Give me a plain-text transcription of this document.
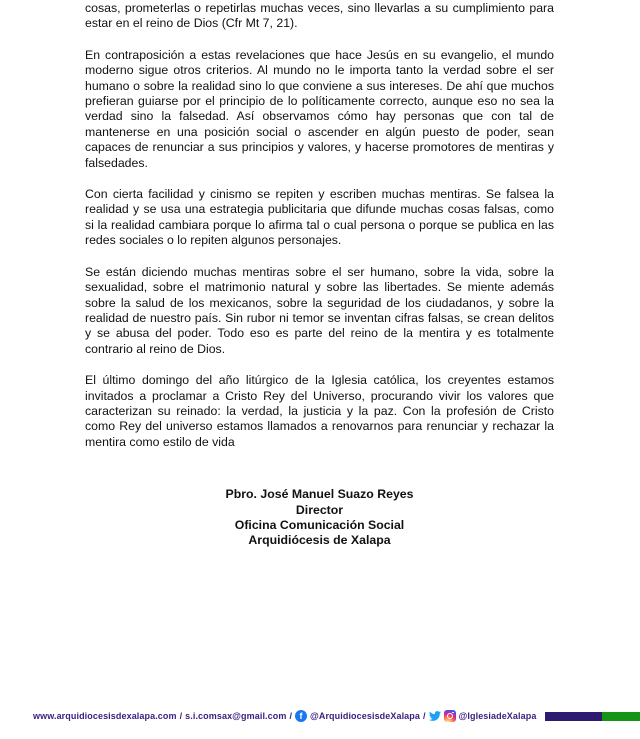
cosas, prometerlas o repetirlas muchas veces, sino llevarlas a su cumplimiento para estar en el reino de Dios (Cfr Mt 7, 21).

En contraposición a estas revelaciones que hace Jesús en su evangelio, el mundo moderno sigue otros criterios. Al mundo no le importa tanto la verdad sobre el ser humano o sobre la realidad sino lo que conviene a sus intereses. De ahí que muchos prefieran guiarse por el principio de lo políticamente correcto, aunque eso no sea la verdad sino la falsedad. Así observamos cómo hay personas que con tal de mantenerse en una posición social o ascender en algún puesto de poder, sean capaces de renunciar a sus principios y valores, y hacerse promotores de mentiras y falsedades.

Con cierta facilidad y cinismo se repiten y escriben muchas mentiras. Se falsea la realidad y se usa una estrategia publicitaria que difunde muchas cosas falsas, como si la realidad cambiara porque lo afirma tal o cual persona o porque se publica en las redes sociales o lo repiten algunos personajes.

Se están diciendo muchas mentiras sobre el ser humano, sobre la vida, sobre la sexualidad, sobre el matrimonio natural y sobre las libertades. Se miente además sobre la salud de los mexicanos, sobre la seguridad de los ciudadanos, y sobre la realidad de nuestro país. Sin rubor ni temor se inventan cifras falsas, se crean delitos y se abusa del poder. Todo eso es parte del reino de la mentira y es totalmente contrario al reino de Dios.

El último domingo del año litúrgico de la Iglesia católica, los creyentes estamos invitados a proclamar a Cristo Rey del Universo, procurando vivir los valores que caracterizan su reinado: la verdad, la justicia y la paz. Con la profesión de Cristo como Rey del universo estamos llamados a renovarnos para renunciar y rechazar la mentira como estilo de vida

Pbro. José Manuel Suazo Reyes
Director
Oficina Comunicación Social
Arquidiócesis de Xalapa
www.arquidiocesisdexalapa.com / s.i.comsax@gmail.com / f @ArquidiocesisdeXalapa /	@IglesiadeXalapa
